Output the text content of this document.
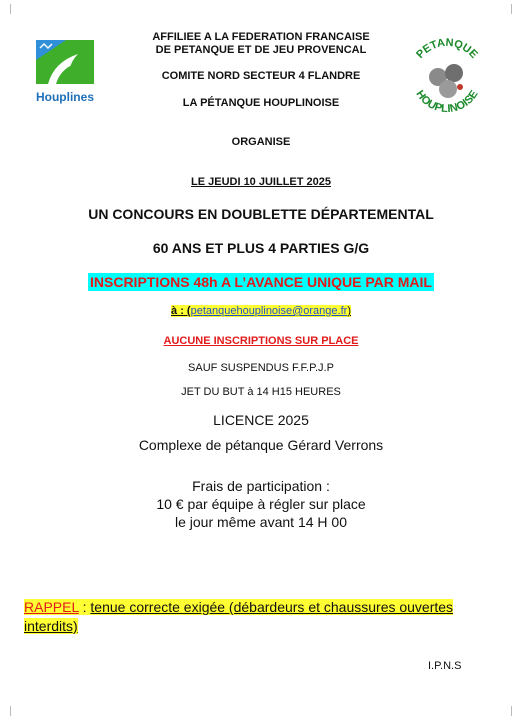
Houplines
PETANQUE
HOUPLINOISE
AFFILIEE A LA FEDERATION FRANCAISE
DE PETANQUE ET DE JEU PROVENCAL
COMITE NORD SECTEUR 4 FLANDRE
LA PÉTANQUE HOUPLINOISE
ORGANISE
LE JEUDI 10 JUILLET 2025
UN CONCOURS EN DOUBLETTE DÉPARTEMENTAL
60 ANS ET PLUS 4 PARTIES G/G
INSCRIPTIONS 48h A L’AVANCE UNIQUE PAR MAIL
à : (petanquehouplinoise@orange.fr)
AUCUNE INSCRIPTIONS SUR PLACE
SAUF SUSPENDUS F.F.P.J.P
JET DU BUT à 14 H15 HEURES
LICENCE 2025
Complexe de pétanque Gérard Verrons
Frais de participation :
10 € par équipe à régler sur place
le jour même avant 14 H 00
RAPPEL : tenue correcte exigée (débardeurs et chaussures ouvertes interdits)
I.P.N.S
